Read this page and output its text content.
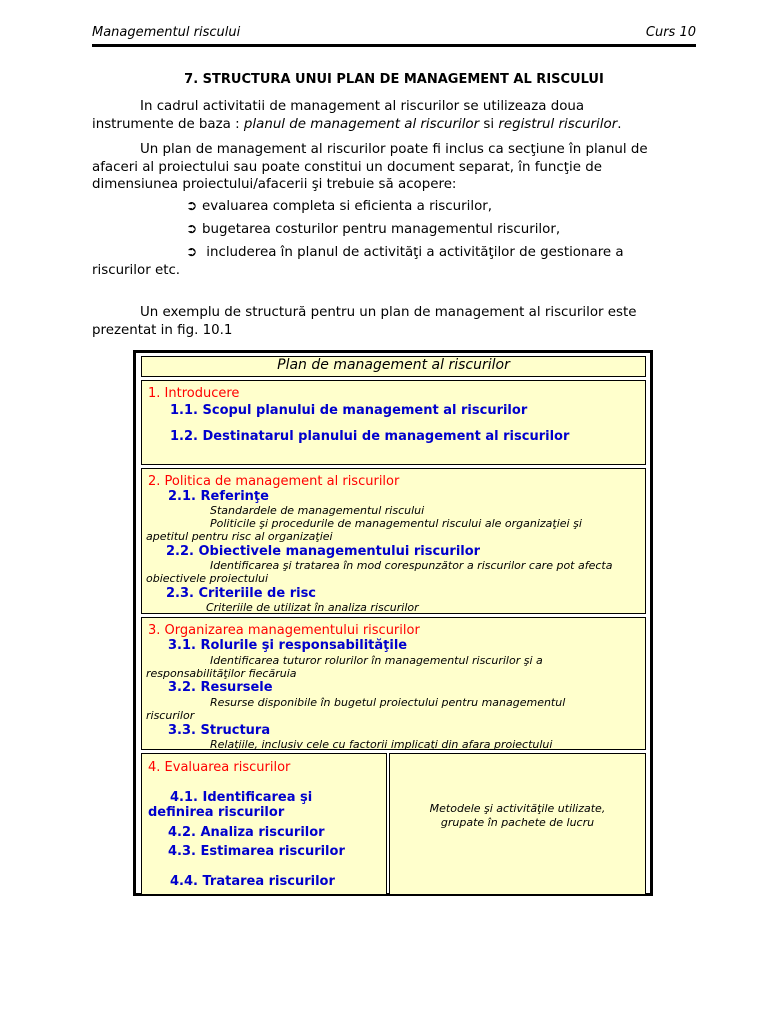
Managementul riscului	Curs 10
7. STRUCTURA UNUI PLAN DE MANAGEMENT AL RISCULUI
In cadrul activitatii de management al riscurilor se utilizeaza doua
instrumente de baza : planul de management al riscurilor si registrul riscurilor.
Un plan de management al riscurilor poate fi inclus ca secţiune în planul de
afaceri al proiectului sau poate constitui un document separat, în funcţie de
dimensiunea proiectului/afacerii şi trebuie să acopere:
➲ evaluarea completa si eficienta a riscurilor,
➲ bugetarea costurilor pentru managementul riscurilor,
➲ includerea în planul de activităţi a activităţilor de gestionare a
riscurilor etc.
Un exemplu de structură pentru un plan de management al riscurilor este
prezentat in fig. 10.1
Plan de management al riscurilor
1. Introducere
1.1. Scopul planului de management al riscurilor
1.2. Destinatarul planului de management al riscurilor
2. Politica de management al riscurilor
2.1. Referinţe
Standardele de managementul riscului
Politicile şi procedurile de managementul riscului ale organizaţiei şi
apetitul pentru risc al organizaţiei
2.2. Obiectivele managementului riscurilor
Identificarea şi tratarea în mod corespunzător a riscurilor care pot afecta
obiectivele proiectului
2.3. Criteriile de risc
Criteriile de utilizat în analiza riscurilor
3. Organizarea managementului riscurilor
3.1. Rolurile şi responsabilităţile
Identificarea tuturor rolurilor în managementul riscurilor şi a
responsabilităţilor fiecăruia
3.2. Resursele
Resurse disponibile în bugetul proiectului pentru managementul
riscurilor
3.3. Structura
Relaţiile, inclusiv cele cu factorii implicaţi din afara proiectului
4. Evaluarea riscurilor
4.1. Identificarea şi
definirea riscurilor
4.2. Analiza riscurilor
4.3. Estimarea riscurilor
4.4. Tratarea riscurilor
Metodele şi activităţile utilizate,
grupate în pachete de lucru
